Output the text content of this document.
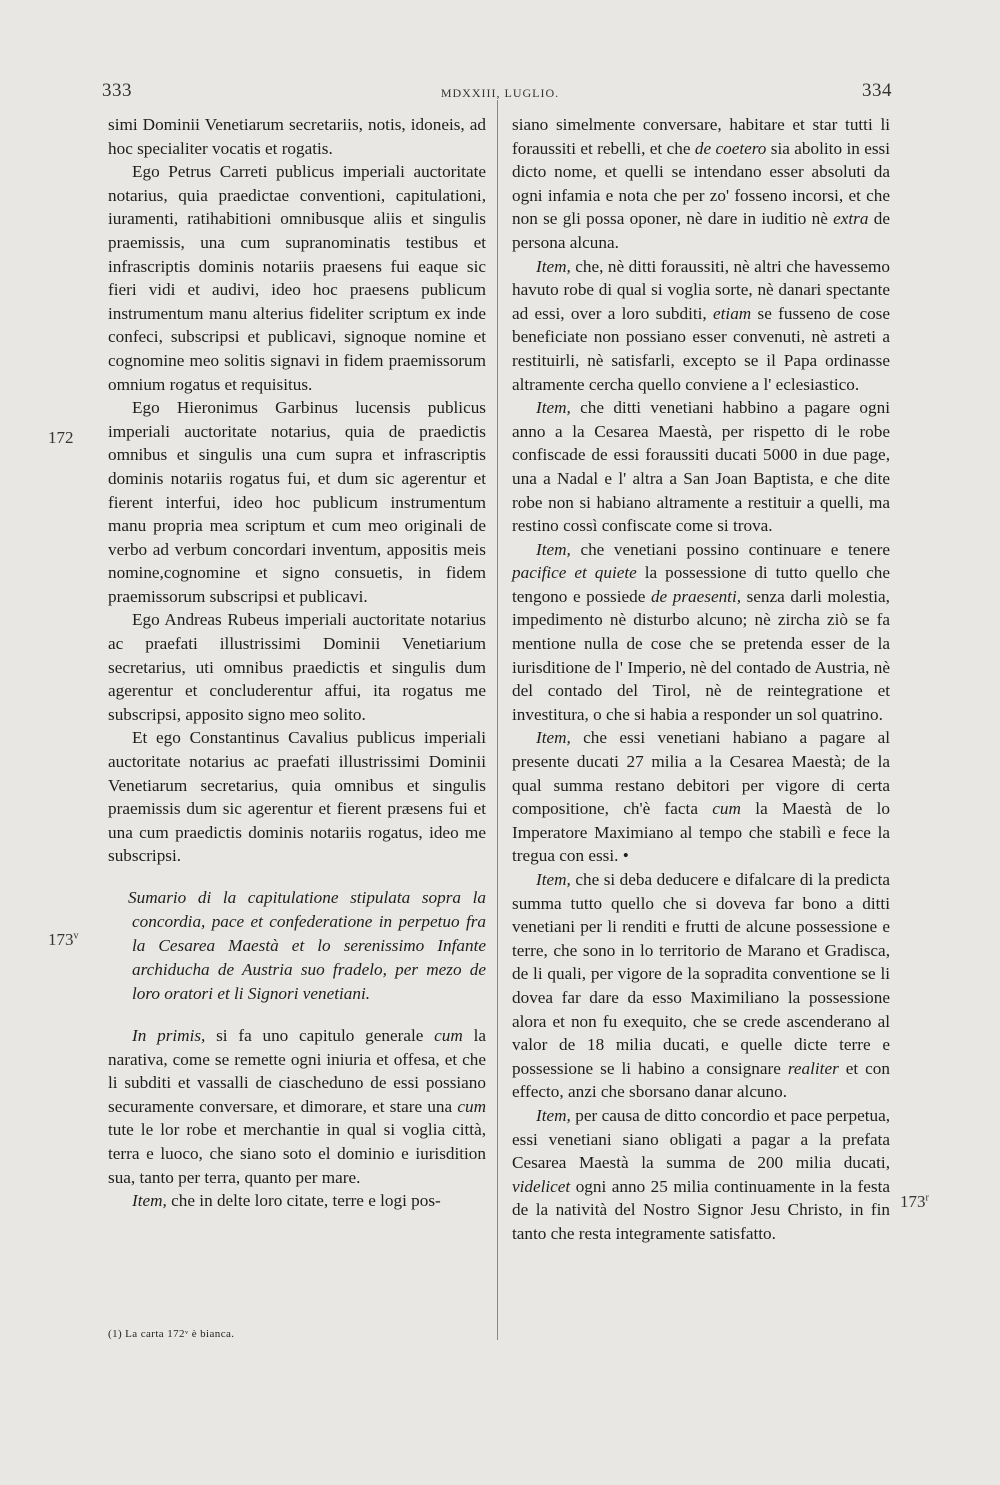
333	MDXXIII, LUGLIO.	334
172
173$^v$
173$^r$

simi Dominii Venetiarum secretariis, notis, idoneis, ad hoc specialiter vocatis et rogatis.

Ego Petrus Carreti publicus imperiali auctoritate notarius, quia praedictae conventioni, capitulationi, iuramenti, ratihabitioni omnibusque aliis et singulis praemissis, una cum supranominatis testibus et infrascriptis dominis notariis praesens fui eaque sic fieri vidi et audivi, ideo hoc praesens publicum instrumentum manu alterius fideliter scriptum ex inde confeci, subscripsi et publicavi, signoque nomine et cognomine meo solitis signavi in fidem praemissorum omnium rogatus et requisitus.

Ego Hieronimus Garbinus lucensis publicus imperiali auctoritate notarius, quia de praedictis omnibus et singulis una cum supra et infrascriptis dominis notariis rogatus fui, et dum sic agerentur et fierent interfui, ideo hoc publicum instrumentum manu propria mea scriptum et cum meo originali de verbo ad verbum concordari inventum, appositis meis nomine,cognomine et signo consuetis, in fidem praemissorum subscripsi et publicavi.

Ego Andreas Rubeus imperiali auctoritate notarius ac praefati illustrissimi Dominii Venetiarium secretarius, uti omnibus praedictis et singulis dum agerentur et concluderentur affui, ita rogatus me subscripsi, apposito signo meo solito.

Et ego Constantinus Cavalius publicus imperiali auctoritate notarius ac praefati illustrissimi Dominii Venetiarum secretarius, quia omnibus et singulis praemissis dum sic agerentur et fierent præsens fui et una cum praedictis dominis notariis rogatus, ideo me subscripsi.

Sumario di la capitulatione stipulata sopra la concordia, pace et confederatione in perpetuo fra la Cesarea Maestà et lo serenissimo Infante archiducha de Austria suo fradelo, per mezo de loro oratori et li Signori venetiani.

In primis, si fa uno capitulo generale cum la narativa, come se remette ogni iniuria et offesa, et che li subditi et vassalli de ciascheduno de essi possiano securamente conversare, et dimorare, et stare una cum tute le lor robe et merchantie in qual si voglia città, terra e luoco, che siano soto el dominio e iurisdition sua, tanto per terra, quanto per mare.

Item, che in delte loro citate, terre e logi pos-

siano simelmente conversare, habitare et star tutti li foraussiti et rebelli, et che de coetero sia abolito in essi dicto nome, et quelli se intendano esser absoluti da ogni infamia e nota che per zo' fosseno incorsi, et che non se gli possa oponer, nè dare in iuditio nè extra de persona alcuna.

Item, che, nè ditti foraussiti, nè altri che havessemo havuto robe di qual si voglia sorte, nè danari spectante ad essi, over a loro subditi, etiam se fusseno de cose beneficiate non possiano esser convenuti, nè astreti a restituirli, nè satisfarli, excepto se il Papa ordinasse altramente cercha quello conviene a l' eclesiastico.

Item, che ditti venetiani habbino a pagare ogni anno a la Cesarea Maestà, per rispetto di le robe confiscade de essi foraussiti ducati 5000 in due page, una a Nadal e l' altra a San Joan Baptista, e che dite robe non si habiano altramente a restituir a quelli, ma restino cossì confiscate come si trova.

Item, che venetiani possino continuare e tenere pacifice et quiete la possessione di tutto quello che tengono e possiede de praesenti, senza darli molestia, impedimento nè disturbo alcuno; nè zircha ziò se fa mentione nulla de cose che se pretenda esser de la iurisditione de l' Imperio, nè del contado de Austria, nè del contado del Tirol, nè de reintegratione et investitura, o che si habia a responder un sol quatrino.

Item, che essi venetiani habiano a pagare al presente ducati 27 milia a la Cesarea Maestà; de la qual summa restano debitori per vigore di certa compositione, ch'è facta cum la Maestà de lo Imperatore Maximiano al tempo che stabilì e fece la tregua con essi. •

Item, che si deba deducere e difalcare di la predicta summa tutto quello che si doveva far bono a ditti venetiani per li renditi e frutti de alcune possessione e terre, che sono in lo territorio de Marano et Gradisca, de li quali, per vigore de la sopradita conventione se li dovea far dare da esso Maximiliano la possessione alora et non fu exequito, che se crede ascenderano al valor de 18 milia ducati, e quelle dicte terre e possessione se li habino a consignare realiter et con effecto, anzi che sborsano danar alcuno.

Item, per causa de ditto concordio et pace perpetua, essi venetiani siano obligati a pagar a la prefata Cesarea Maestà la summa de 200 milia ducati, videlicet ogni anno 25 milia continuamente in la festa de la natività del Nostro Signor Jesu Christo, in fin tanto che resta integramente satisfatto.

(1) La carta 172ᵛ è bianca.
